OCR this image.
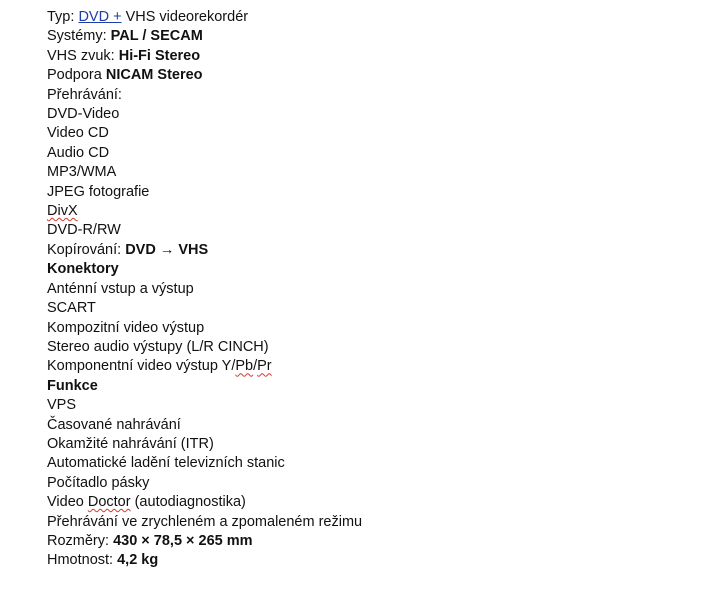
Typ: DVD + VHS videorekordér
Systémy: PAL / SECAM
VHS zvuk: Hi-Fi Stereo
Podpora NICAM Stereo
Přehrávání:
DVD-Video
Video CD
Audio CD
MP3/WMA
JPEG fotografie
DivX
DVD-R/RW
Kopírování: DVD → VHS
Konektory
Anténní vstup a výstup
SCART
Kompozitní video výstup
Stereo audio výstupy (L/R CINCH)
Komponentní video výstup Y/Pb/Pr
Funkce
VPS
Časované nahrávání
Okamžité nahrávání (ITR)
Automatické ladění televizních stanic
Počítadlo pásky
Video Doctor (autodiagnostika)
Přehrávání ve zrychleném a zpomaleném režimu
Rozměry: 430 × 78,5 × 265 mm
Hmotnost: 4,2 kg
